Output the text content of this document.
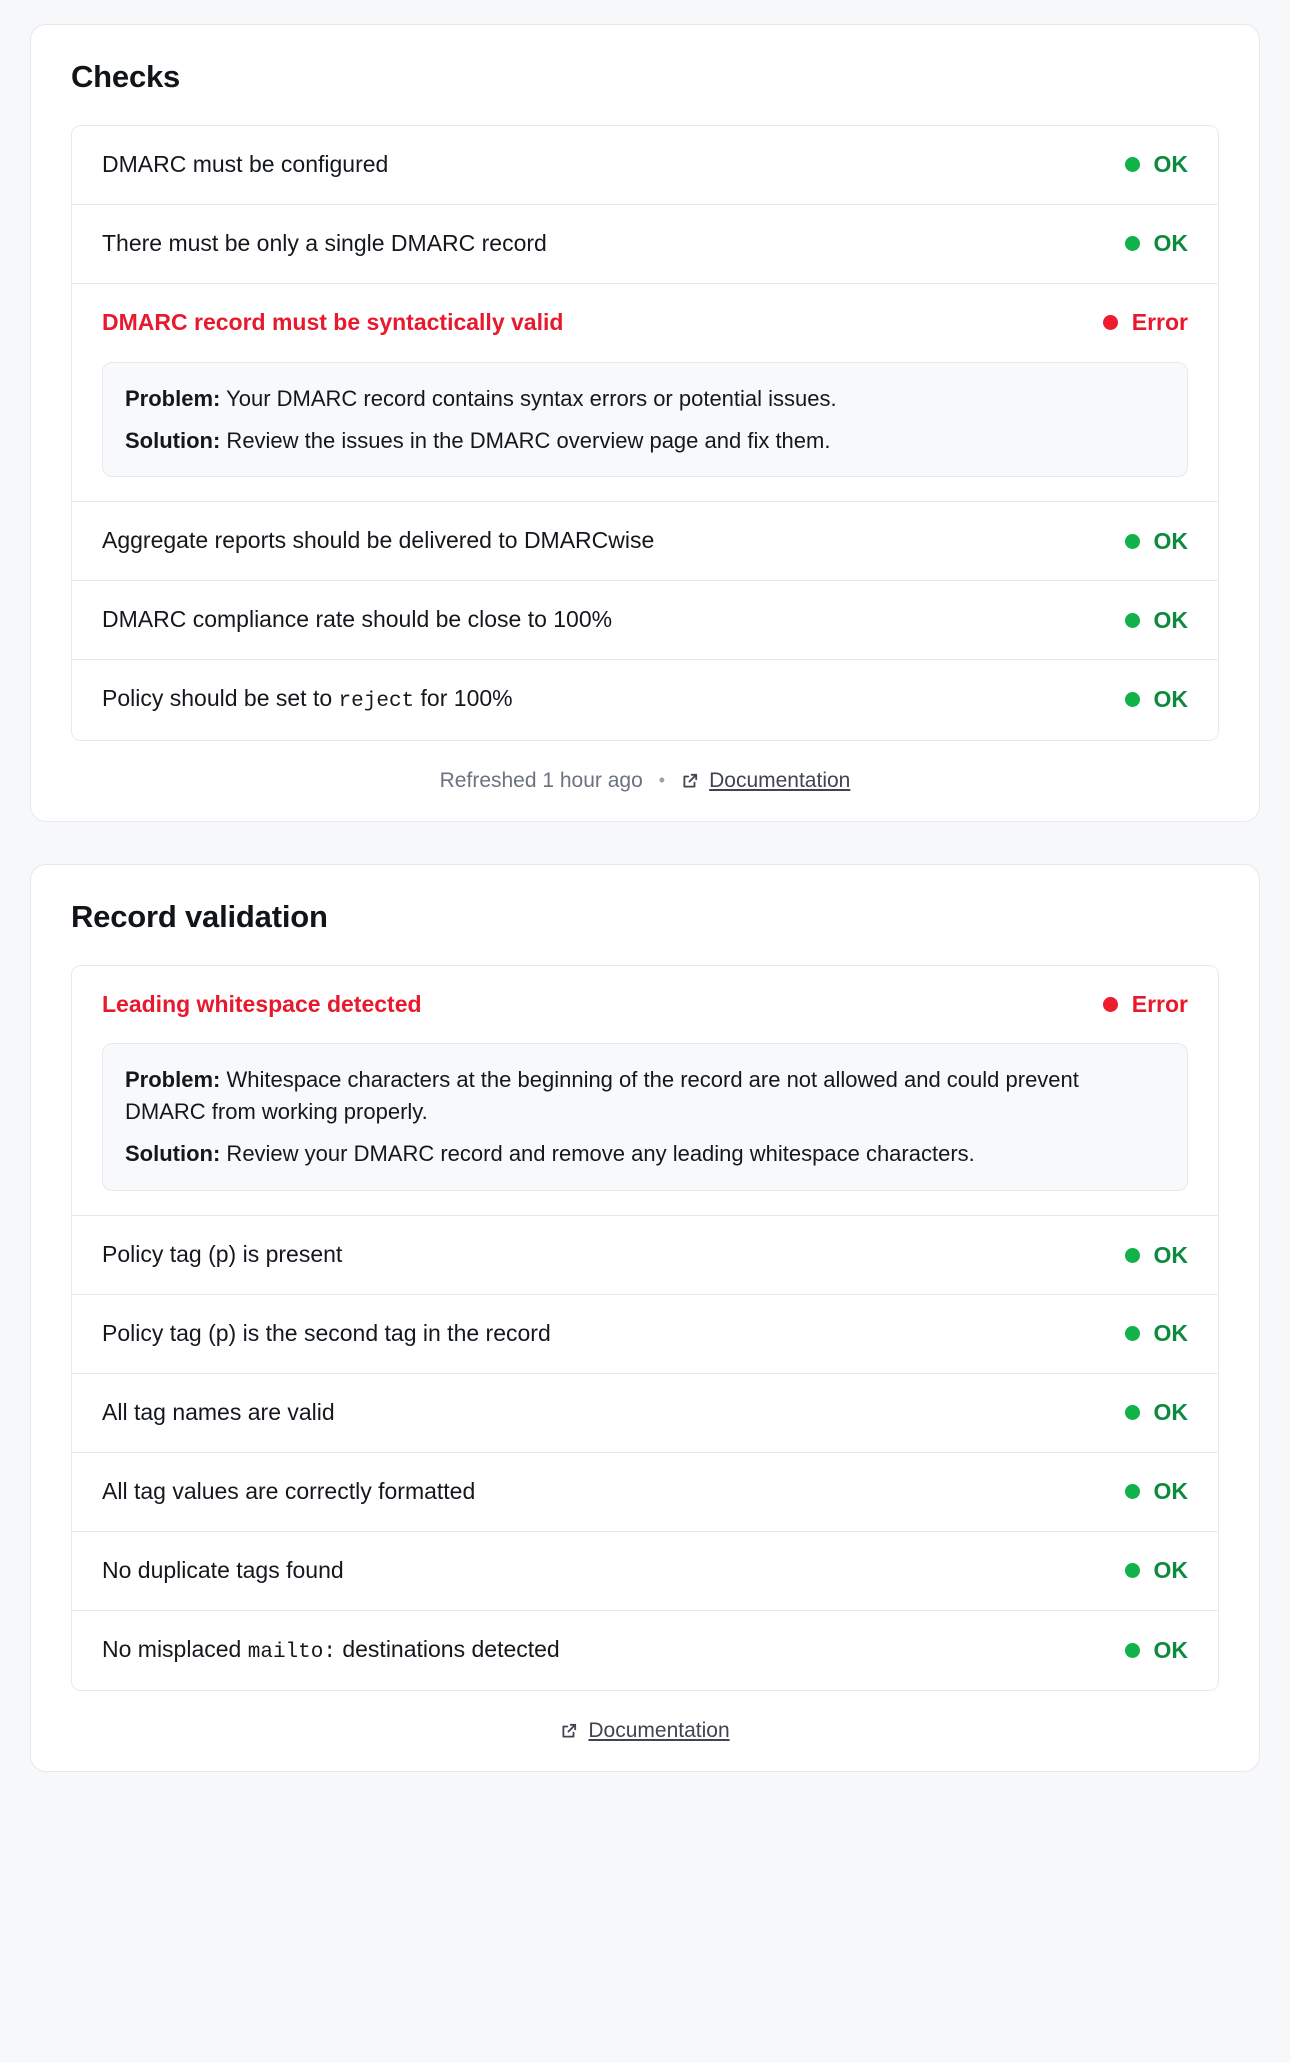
Checks
DMARC must be configured	OK
There must be only a single DMARC record	OK
DMARC record must be syntactically valid	Error
Problem: Your DMARC record contains syntax errors or potential issues.
Solution: Review the issues in the DMARC overview page and fix them.
Aggregate reports should be delivered to DMARCwise	OK
DMARC compliance rate should be close to 100%	OK
Policy should be set to reject for 100%	OK
Refreshed 1 hour ago • Documentation
Record validation
Leading whitespace detected	Error
Problem: Whitespace characters at the beginning of the record are not allowed and could prevent DMARC from working properly.
Solution: Review your DMARC record and remove any leading whitespace characters.
Policy tag (p) is present	OK
Policy tag (p) is the second tag in the record	OK
All tag names are valid	OK
All tag values are correctly formatted	OK
No duplicate tags found	OK
No misplaced mailto: destinations detected	OK
Documentation
